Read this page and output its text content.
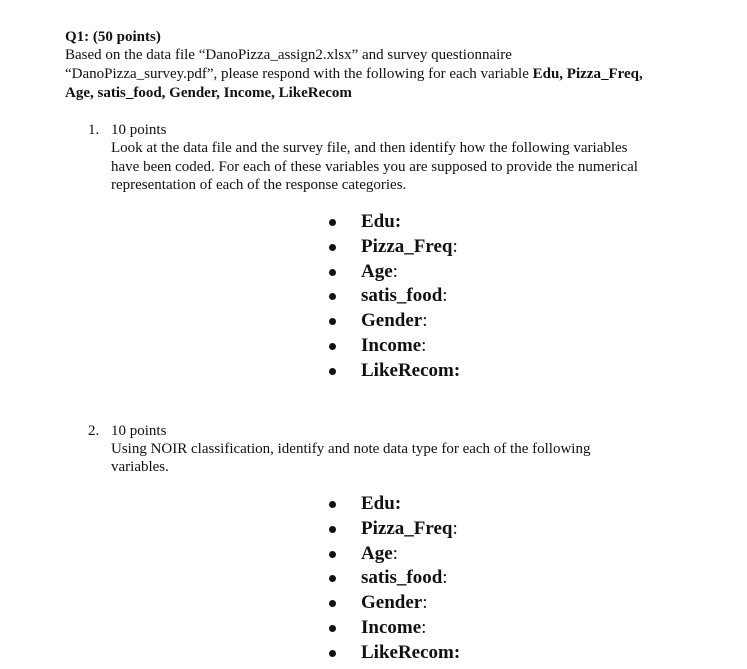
Q1: (50 points)
Based on the data file “DanoPizza_assign2.xlsx” and survey questionnaire
“DanoPizza_survey.pdf”, please respond with the following for each variable Edu, Pizza_Freq,
Age, satis_food, Gender, Income, LikeRecom
1. 10 points
Look at the data file and the survey file, and then identify how the following variables
have been coded. For each of these variables you are supposed to provide the numerical
representation of each of the response categories.
Edu:
Pizza_Freq:
Age:
satis_food:
Gender:
Income:
LikeRecom:
2. 10 points
Using NOIR classification, identify and note data type for each of the following
variables.
Edu:
Pizza_Freq:
Age:
satis_food:
Gender:
Income:
LikeRecom:
